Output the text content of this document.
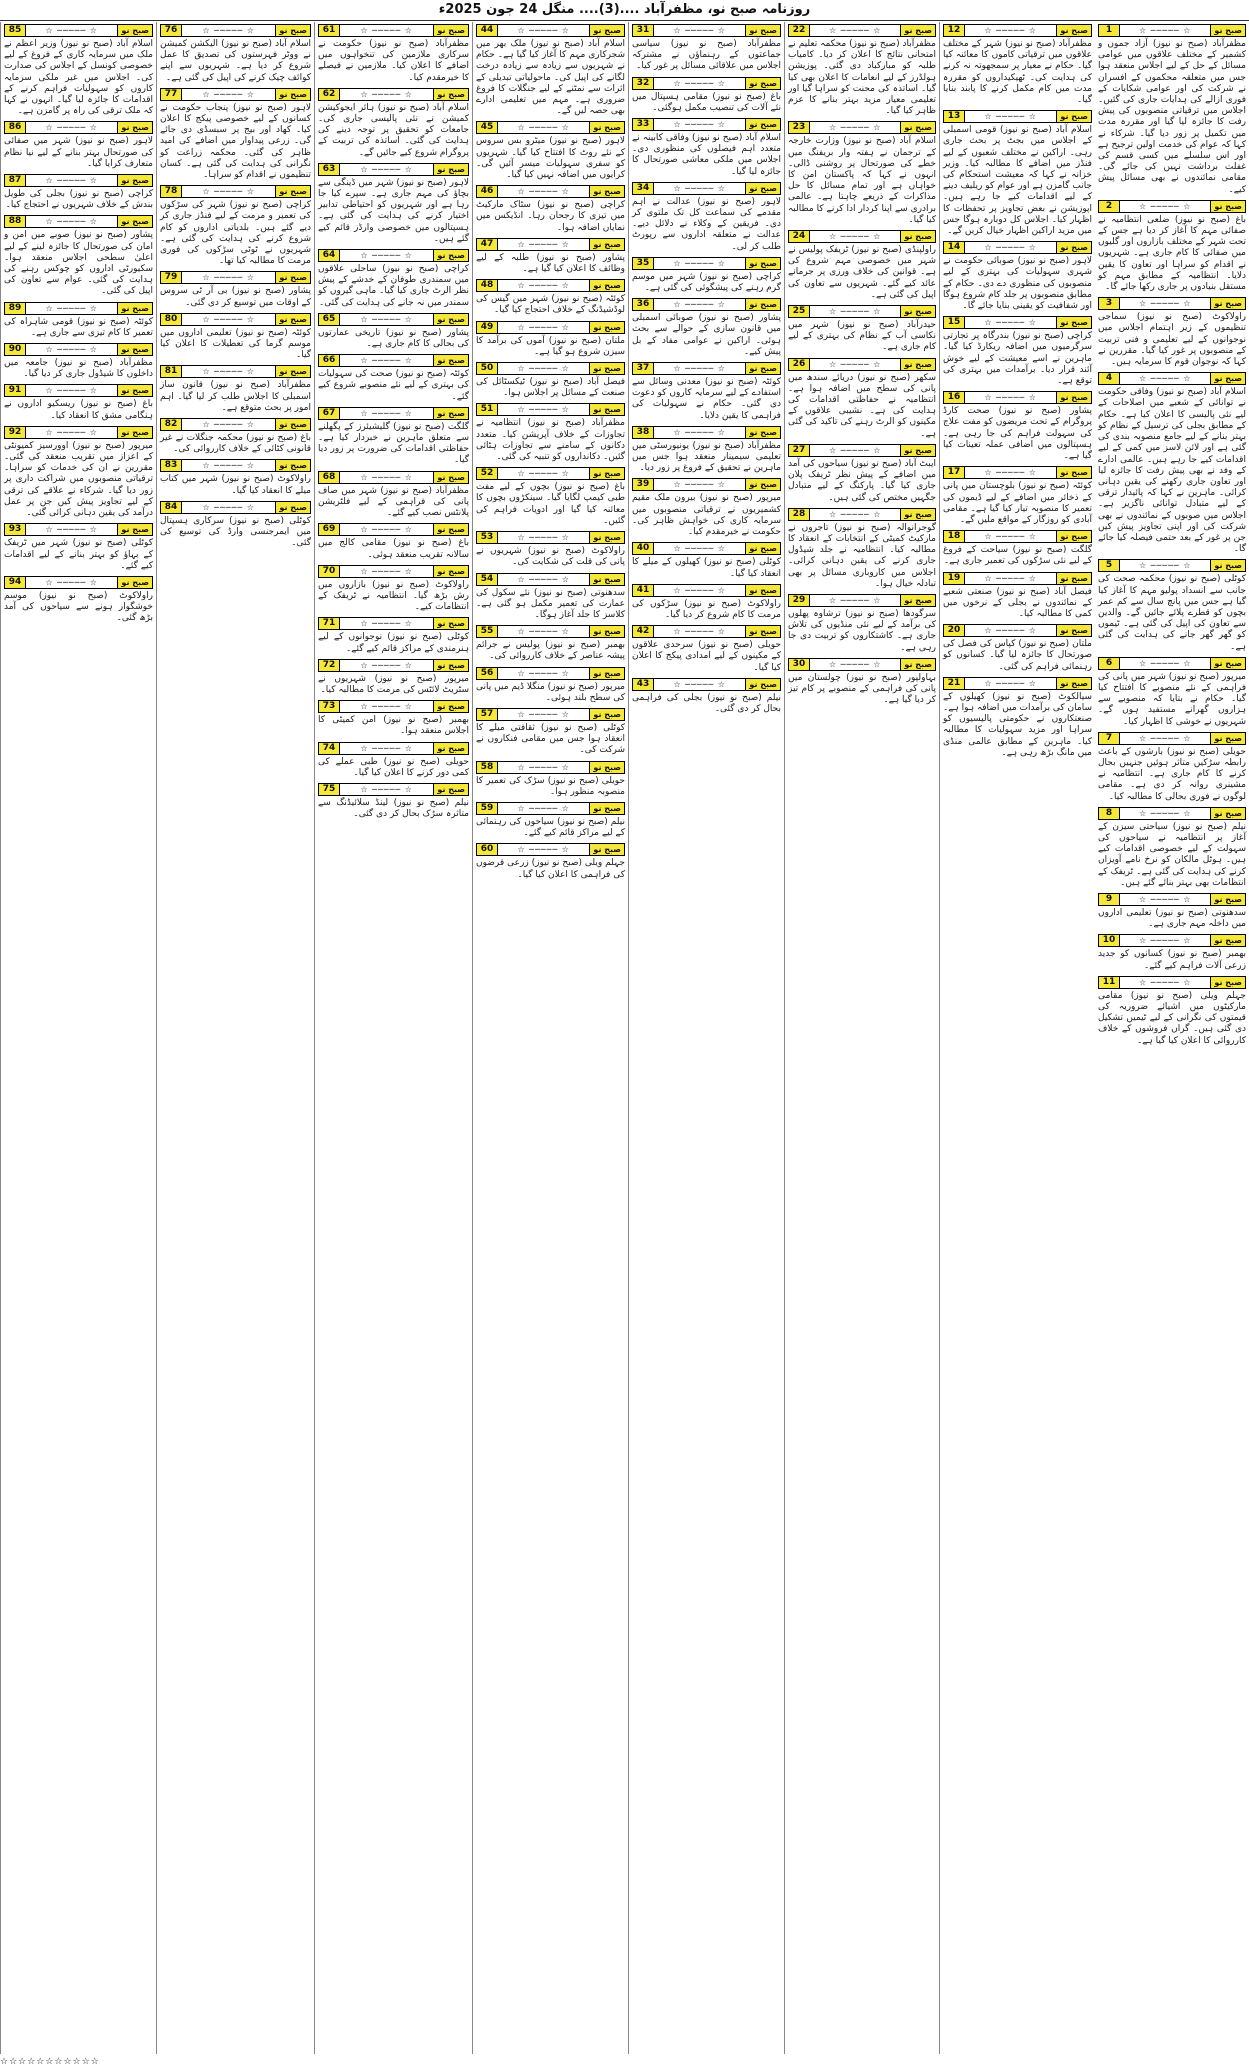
روزنامہ صبح نو، مظفرآباد ....(3).... منگل 24 جون 2025ء
1	☆ ───── ☆	صبح نو
مظفرآباد (صبح نو نیوز) آزاد جموں و کشمیر کے مختلف علاقوں میں عوامی مسائل کے حل کے لیے اجلاس منعقد ہوا جس میں متعلقہ محکموں کے افسران نے شرکت کی اور عوامی شکایات کے فوری ازالے کی ہدایات جاری کی گئیں۔ اجلاس میں ترقیاتی منصوبوں کی پیش رفت کا جائزہ لیا گیا اور مقررہ مدت میں تکمیل پر زور دیا گیا۔ شرکاء نے کہا کہ عوام کی خدمت اولین ترجیح ہے اور اس سلسلے میں کسی قسم کی غفلت برداشت نہیں کی جائے گی۔ مقامی نمائندوں نے بھی مسائل پیش کیے۔
2	☆ ───── ☆	صبح نو
باغ (صبح نو نیوز) ضلعی انتظامیہ نے صفائی مہم کا آغاز کر دیا ہے جس کے تحت شہر کے مختلف بازاروں اور گلیوں میں صفائی کا کام جاری ہے۔ شہریوں نے اقدام کو سراہا اور تعاون کا یقین دلایا۔ انتظامیہ کے مطابق مہم کو مستقل بنیادوں پر جاری رکھا جائے گا۔
3	☆ ───── ☆	صبح نو
راولاکوٹ (صبح نو نیوز) سماجی تنظیموں کے زیر اہتمام اجلاس میں نوجوانوں کے لیے تعلیمی و فنی تربیت کے منصوبوں پر غور کیا گیا۔ مقررین نے کہا کہ نوجوان قوم کا سرمایہ ہیں۔
4	☆ ───── ☆	صبح نو
اسلام آباد (صبح نو نیوز) وفاقی حکومت نے توانائی کے شعبے میں اصلاحات کے لیے نئی پالیسی کا اعلان کیا ہے۔ حکام کے مطابق بجلی کی ترسیل کے نظام کو بہتر بنانے کے لیے جامع منصوبہ بندی کی گئی ہے اور لائن لاسز میں کمی کے لیے اقدامات کیے جا رہے ہیں۔ عالمی ادارے کے وفد نے بھی پیش رفت کا جائزہ لیا اور تعاون جاری رکھنے کی یقین دہانی کرائی۔ ماہرین نے کہا کہ پائیدار ترقی کے لیے متبادل توانائی ناگزیر ہے۔ اجلاس میں صوبوں کے نمائندوں نے بھی شرکت کی اور اپنی تجاویز پیش کیں جن پر غور کے بعد حتمی فیصلہ کیا جائے گا۔
5	☆ ───── ☆	صبح نو
کوٹلی (صبح نو نیوز) محکمہ صحت کی جانب سے انسداد پولیو مہم کا آغاز کیا گیا ہے جس میں پانچ سال سے کم عمر بچوں کو قطرے پلائے جائیں گے۔ والدین سے تعاون کی اپیل کی گئی ہے۔ ٹیموں کو گھر گھر جانے کی ہدایت کی گئی ہے۔
6	☆ ───── ☆	صبح نو
میرپور (صبح نو نیوز) شہر میں پانی کی فراہمی کے نئے منصوبے کا افتتاح کیا گیا۔ حکام نے بتایا کہ منصوبے سے ہزاروں گھرانے مستفید ہوں گے۔ شہریوں نے خوشی کا اظہار کیا۔
7	☆ ───── ☆	صبح نو
حویلی (صبح نو نیوز) بارشوں کے باعث رابطہ سڑکیں متاثر ہوئیں جنہیں بحال کرنے کا کام جاری ہے۔ انتظامیہ نے مشینری روانہ کر دی ہے۔ مقامی لوگوں نے فوری بحالی کا مطالبہ کیا۔
8	☆ ───── ☆	صبح نو
نیلم (صبح نو نیوز) سیاحتی سیزن کے آغاز پر انتظامیہ نے سیاحوں کی سہولت کے لیے خصوصی اقدامات کیے ہیں۔ ہوٹل مالکان کو نرخ نامے آویزاں کرنے کی ہدایت کی گئی ہے۔ ٹریفک کے انتظامات بھی بہتر بنائے گئے ہیں۔
9	☆ ───── ☆	صبح نو
سدھنوتی (صبح نو نیوز) تعلیمی اداروں میں داخلہ مہم جاری ہے۔
10	☆ ───── ☆	صبح نو
بھمبر (صبح نو نیوز) کسانوں کو جدید زرعی آلات فراہم کیے گئے۔
11	☆ ───── ☆	صبح نو
جہلم ویلی (صبح نو نیوز) مقامی مارکیٹوں میں اشیائے ضروریہ کی قیمتوں کی نگرانی کے لیے ٹیمیں تشکیل دی گئی ہیں۔ گراں فروشوں کے خلاف کارروائی کا اعلان کیا گیا ہے۔
12	☆ ───── ☆	صبح نو
مظفرآباد (صبح نو نیوز) شہر کے مختلف علاقوں میں ترقیاتی کاموں کا معائنہ کیا گیا۔ حکام نے معیار پر سمجھوتہ نہ کرنے کی ہدایت کی۔ ٹھیکیداروں کو مقررہ مدت میں کام مکمل کرنے کا پابند بنایا گیا۔
13	☆ ───── ☆	صبح نو
اسلام آباد (صبح نو نیوز) قومی اسمبلی کے اجلاس میں بجٹ پر بحث جاری رہی۔ اراکین نے مختلف شعبوں کے لیے فنڈز میں اضافے کا مطالبہ کیا۔ وزیر خزانہ نے کہا کہ معیشت استحکام کی جانب گامزن ہے اور عوام کو ریلیف دینے کے لیے اقدامات کیے جا رہے ہیں۔ اپوزیشن نے بعض تجاویز پر تحفظات کا اظہار کیا۔ اجلاس کل دوبارہ ہوگا جس میں مزید اراکین اظہار خیال کریں گے۔
14	☆ ───── ☆	صبح نو
لاہور (صبح نو نیوز) صوبائی حکومت نے شہری سہولیات کی بہتری کے لیے منصوبوں کی منظوری دے دی۔ حکام کے مطابق منصوبوں پر جلد کام شروع ہوگا اور شفافیت کو یقینی بنایا جائے گا۔
15	☆ ───── ☆	صبح نو
کراچی (صبح نو نیوز) بندرگاہ پر تجارتی سرگرمیوں میں اضافہ ریکارڈ کیا گیا۔ ماہرین نے اسے معیشت کے لیے خوش آئند قرار دیا۔ برآمدات میں بہتری کی توقع ہے۔
16	☆ ───── ☆	صبح نو
پشاور (صبح نو نیوز) صحت کارڈ پروگرام کے تحت مریضوں کو مفت علاج کی سہولت فراہم کی جا رہی ہے۔ ہسپتالوں میں اضافی عملہ تعینات کیا گیا ہے۔
17	☆ ───── ☆	صبح نو
کوئٹہ (صبح نو نیوز) بلوچستان میں پانی کے ذخائر میں اضافے کے لیے ڈیموں کی تعمیر کا منصوبہ تیار کیا گیا ہے۔ مقامی آبادی کو روزگار کے مواقع ملیں گے۔
18	☆ ───── ☆	صبح نو
گلگت (صبح نو نیوز) سیاحت کے فروغ کے لیے نئی سڑکوں کی تعمیر جاری ہے۔
19	☆ ───── ☆	صبح نو
فیصل آباد (صبح نو نیوز) صنعتی شعبے کے نمائندوں نے بجلی کے نرخوں میں کمی کا مطالبہ کیا۔
20	☆ ───── ☆	صبح نو
ملتان (صبح نو نیوز) کپاس کی فصل کی صورتحال کا جائزہ لیا گیا۔ کسانوں کو رہنمائی فراہم کی گئی۔
21	☆ ───── ☆	صبح نو
سیالکوٹ (صبح نو نیوز) کھیلوں کے سامان کی برآمدات میں اضافہ ہوا ہے۔ صنعتکاروں نے حکومتی پالیسیوں کو سراہا اور مزید سہولیات کا مطالبہ کیا۔ ماہرین کے مطابق عالمی منڈی میں مانگ بڑھ رہی ہے۔
22	☆ ───── ☆	صبح نو
مظفرآباد (صبح نو نیوز) محکمہ تعلیم نے امتحانی نتائج کا اعلان کر دیا۔ کامیاب طلبہ کو مبارکباد دی گئی۔ پوزیشن ہولڈرز کے لیے انعامات کا اعلان بھی کیا گیا۔ اساتذہ کی محنت کو سراہا گیا اور تعلیمی معیار مزید بہتر بنانے کا عزم ظاہر کیا گیا۔
23	☆ ───── ☆	صبح نو
اسلام آباد (صبح نو نیوز) وزارت خارجہ کے ترجمان نے ہفتہ وار بریفنگ میں خطے کی صورتحال پر روشنی ڈالی۔ انہوں نے کہا کہ پاکستان امن کا خواہاں ہے اور تمام مسائل کا حل مذاکرات کے ذریعے چاہتا ہے۔ عالمی برادری سے اپنا کردار ادا کرنے کا مطالبہ کیا گیا۔
24	☆ ───── ☆	صبح نو
راولپنڈی (صبح نو نیوز) ٹریفک پولیس نے شہر میں خصوصی مہم شروع کی ہے۔ قوانین کی خلاف ورزی پر جرمانے عائد کیے گئے۔ شہریوں سے تعاون کی اپیل کی گئی ہے۔
25	☆ ───── ☆	صبح نو
حیدرآباد (صبح نو نیوز) شہر میں نکاسی آب کے نظام کی بہتری کے لیے کام جاری ہے۔
26	☆ ───── ☆	صبح نو
سکھر (صبح نو نیوز) دریائے سندھ میں پانی کی سطح میں اضافہ ہوا ہے۔ انتظامیہ نے حفاظتی اقدامات کی ہدایت کی ہے۔ نشیبی علاقوں کے مکینوں کو الرٹ رہنے کی تاکید کی گئی ہے۔
27	☆ ───── ☆	صبح نو
ایبٹ آباد (صبح نو نیوز) سیاحوں کی آمد میں اضافے کے پیش نظر ٹریفک پلان جاری کیا گیا۔ پارکنگ کے لیے متبادل جگہیں مختص کی گئی ہیں۔
28	☆ ───── ☆	صبح نو
گوجرانوالہ (صبح نو نیوز) تاجروں نے مارکیٹ کمیٹی کے انتخابات کے انعقاد کا مطالبہ کیا۔ انتظامیہ نے جلد شیڈول جاری کرنے کی یقین دہانی کرائی۔ اجلاس میں کاروباری مسائل پر بھی تبادلہ خیال ہوا۔
29	☆ ───── ☆	صبح نو
سرگودھا (صبح نو نیوز) ترشاوہ پھلوں کی برآمد کے لیے نئی منڈیوں کی تلاش جاری ہے۔ کاشتکاروں کو تربیت دی جا رہی ہے۔
30	☆ ───── ☆	صبح نو
بہاولپور (صبح نو نیوز) چولستان میں پانی کی فراہمی کے منصوبے پر کام تیز کر دیا گیا ہے۔
31	☆ ───── ☆	صبح نو
مظفرآباد (صبح نو نیوز) سیاسی جماعتوں کے رہنماؤں نے مشترکہ اجلاس میں علاقائی مسائل پر غور کیا۔
32	☆ ───── ☆	صبح نو
باغ (صبح نو نیوز) مقامی ہسپتال میں نئے آلات کی تنصیب مکمل ہوگئی۔
33	☆ ───── ☆	صبح نو
اسلام آباد (صبح نو نیوز) وفاقی کابینہ نے متعدد اہم فیصلوں کی منظوری دی۔ اجلاس میں ملکی معاشی صورتحال کا جائزہ لیا گیا۔
34	☆ ───── ☆	صبح نو
لاہور (صبح نو نیوز) عدالت نے اہم مقدمے کی سماعت کل تک ملتوی کر دی۔ فریقین کے وکلاء نے دلائل دیے۔ عدالت نے متعلقہ اداروں سے رپورٹ طلب کر لی۔
35	☆ ───── ☆	صبح نو
کراچی (صبح نو نیوز) شہر میں موسم گرم رہنے کی پیشگوئی کی گئی ہے۔
36	☆ ───── ☆	صبح نو
پشاور (صبح نو نیوز) صوبائی اسمبلی میں قانون سازی کے حوالے سے بحث ہوئی۔ اراکین نے عوامی مفاد کے بل پیش کیے۔
37	☆ ───── ☆	صبح نو
کوئٹہ (صبح نو نیوز) معدنی وسائل سے استفادے کے لیے سرمایہ کاروں کو دعوت دی گئی۔ حکام نے سہولیات کی فراہمی کا یقین دلایا۔
38	☆ ───── ☆	صبح نو
مظفرآباد (صبح نو نیوز) یونیورسٹی میں تعلیمی سیمینار منعقد ہوا جس میں ماہرین نے تحقیق کے فروغ پر زور دیا۔
39	☆ ───── ☆	صبح نو
میرپور (صبح نو نیوز) بیرون ملک مقیم کشمیریوں نے ترقیاتی منصوبوں میں سرمایہ کاری کی خواہش ظاہر کی۔ حکومت نے خیرمقدم کیا۔
40	☆ ───── ☆	صبح نو
کوٹلی (صبح نو نیوز) کھیلوں کے میلے کا انعقاد کیا گیا۔
41	☆ ───── ☆	صبح نو
راولاکوٹ (صبح نو نیوز) سڑکوں کی مرمت کا کام شروع کر دیا گیا۔
42	☆ ───── ☆	صبح نو
حویلی (صبح نو نیوز) سرحدی علاقوں کے مکینوں کے لیے امدادی پیکج کا اعلان کیا گیا۔
43	☆ ───── ☆	صبح نو
نیلم (صبح نو نیوز) بجلی کی فراہمی بحال کر دی گئی۔
44	☆ ───── ☆	صبح نو
اسلام آباد (صبح نو نیوز) ملک بھر میں شجرکاری مہم کا آغاز کیا گیا ہے۔ حکام نے شہریوں سے زیادہ سے زیادہ درخت لگانے کی اپیل کی۔ ماحولیاتی تبدیلی کے اثرات سے نمٹنے کے لیے جنگلات کا فروغ ضروری ہے۔ مہم میں تعلیمی ادارے بھی حصہ لیں گے۔
45	☆ ───── ☆	صبح نو
لاہور (صبح نو نیوز) میٹرو بس سروس کے نئے روٹ کا افتتاح کیا گیا۔ شہریوں کو سفری سہولیات میسر آئیں گی۔ کرایوں میں اضافہ نہیں کیا گیا۔
46	☆ ───── ☆	صبح نو
کراچی (صبح نو نیوز) سٹاک مارکیٹ میں تیزی کا رجحان رہا۔ انڈیکس میں نمایاں اضافہ ہوا۔
47	☆ ───── ☆	صبح نو
پشاور (صبح نو نیوز) طلبہ کے لیے وظائف کا اعلان کیا گیا ہے۔
48	☆ ───── ☆	صبح نو
کوئٹہ (صبح نو نیوز) شہر میں گیس کی لوڈشیڈنگ کے خلاف احتجاج کیا گیا۔
49	☆ ───── ☆	صبح نو
ملتان (صبح نو نیوز) آموں کی برآمد کا سیزن شروع ہو گیا ہے۔
50	☆ ───── ☆	صبح نو
فیصل آباد (صبح نو نیوز) ٹیکسٹائل کی صنعت کے مسائل پر اجلاس ہوا۔
51	☆ ───── ☆	صبح نو
مظفرآباد (صبح نو نیوز) انتظامیہ نے تجاوزات کے خلاف آپریشن کیا۔ متعدد دکانوں کے سامنے سے تجاوزات ہٹائی گئیں۔ دکانداروں کو تنبیہ کی گئی۔
52	☆ ───── ☆	صبح نو
باغ (صبح نو نیوز) بچوں کے لیے مفت طبی کیمپ لگایا گیا۔ سینکڑوں بچوں کا معائنہ کیا گیا اور ادویات فراہم کی گئیں۔
53	☆ ───── ☆	صبح نو
راولاکوٹ (صبح نو نیوز) شہریوں نے پانی کی قلت کی شکایت کی۔
54	☆ ───── ☆	صبح نو
سدھنوتی (صبح نو نیوز) نئے سکول کی عمارت کی تعمیر مکمل ہو گئی ہے۔ کلاسز کا جلد آغاز ہوگا۔
55	☆ ───── ☆	صبح نو
بھمبر (صبح نو نیوز) پولیس نے جرائم پیشہ عناصر کے خلاف کارروائی کی۔
56	☆ ───── ☆	صبح نو
میرپور (صبح نو نیوز) منگلا ڈیم میں پانی کی سطح بلند ہوئی۔
57	☆ ───── ☆	صبح نو
کوٹلی (صبح نو نیوز) ثقافتی میلے کا انعقاد ہوا جس میں مقامی فنکاروں نے شرکت کی۔
58	☆ ───── ☆	صبح نو
حویلی (صبح نو نیوز) سڑک کی تعمیر کا منصوبہ منظور ہوا۔
59	☆ ───── ☆	صبح نو
نیلم (صبح نو نیوز) سیاحوں کی رہنمائی کے لیے مراکز قائم کیے گئے۔
60	☆ ───── ☆	صبح نو
جہلم ویلی (صبح نو نیوز) زرعی قرضوں کی فراہمی کا اعلان کیا گیا۔
61	☆ ───── ☆	صبح نو
مظفرآباد (صبح نو نیوز) حکومت نے سرکاری ملازمین کی تنخواہوں میں اضافے کا اعلان کیا۔ ملازمین نے فیصلے کا خیرمقدم کیا۔
62	☆ ───── ☆	صبح نو
اسلام آباد (صبح نو نیوز) ہائر ایجوکیشن کمیشن نے نئی پالیسی جاری کی۔ جامعات کو تحقیق پر توجہ دینے کی ہدایت کی گئی۔ اساتذہ کی تربیت کے پروگرام شروع کیے جائیں گے۔
63	☆ ───── ☆	صبح نو
لاہور (صبح نو نیوز) شہر میں ڈینگی سے بچاؤ کی مہم جاری ہے۔ سپرے کیا جا رہا ہے اور شہریوں کو احتیاطی تدابیر اختیار کرنے کی ہدایت کی گئی ہے۔ ہسپتالوں میں خصوصی وارڈز قائم کیے گئے ہیں۔
64	☆ ───── ☆	صبح نو
کراچی (صبح نو نیوز) ساحلی علاقوں میں سمندری طوفان کے خدشے کے پیش نظر الرٹ جاری کیا گیا۔ ماہی گیروں کو سمندر میں نہ جانے کی ہدایت کی گئی۔
65	☆ ───── ☆	صبح نو
پشاور (صبح نو نیوز) تاریخی عمارتوں کی بحالی کا کام جاری ہے۔
66	☆ ───── ☆	صبح نو
کوئٹہ (صبح نو نیوز) صحت کی سہولیات کی بہتری کے لیے نئے منصوبے شروع کیے گئے۔
67	☆ ───── ☆	صبح نو
گلگت (صبح نو نیوز) گلیشیئرز کے پگھلنے سے متعلق ماہرین نے خبردار کیا ہے۔ حفاظتی اقدامات کی ضرورت پر زور دیا گیا۔
68	☆ ───── ☆	صبح نو
مظفرآباد (صبح نو نیوز) شہر میں صاف پانی کی فراہمی کے لیے فلٹریشن پلانٹس نصب کیے گئے۔
69	☆ ───── ☆	صبح نو
باغ (صبح نو نیوز) مقامی کالج میں سالانہ تقریب منعقد ہوئی۔
70	☆ ───── ☆	صبح نو
راولاکوٹ (صبح نو نیوز) بازاروں میں رش بڑھ گیا۔ انتظامیہ نے ٹریفک کے انتظامات کیے۔
71	☆ ───── ☆	صبح نو
کوٹلی (صبح نو نیوز) نوجوانوں کے لیے ہنرمندی کے مراکز قائم کیے گئے۔
72	☆ ───── ☆	صبح نو
میرپور (صبح نو نیوز) شہریوں نے سٹریٹ لائٹس کی مرمت کا مطالبہ کیا۔
73	☆ ───── ☆	صبح نو
بھمبر (صبح نو نیوز) امن کمیٹی کا اجلاس منعقد ہوا۔
74	☆ ───── ☆	صبح نو
حویلی (صبح نو نیوز) طبی عملے کی کمی دور کرنے کا اعلان کیا گیا۔
75	☆ ───── ☆	صبح نو
نیلم (صبح نو نیوز) لینڈ سلائیڈنگ سے متاثرہ سڑک بحال کر دی گئی۔
76	☆ ───── ☆	صبح نو
اسلام آباد (صبح نو نیوز) الیکشن کمیشن نے ووٹر فہرستوں کی تصدیق کا عمل شروع کر دیا ہے۔ شہریوں سے اپنے کوائف چیک کرنے کی اپیل کی گئی ہے۔
77	☆ ───── ☆	صبح نو
لاہور (صبح نو نیوز) پنجاب حکومت نے کسانوں کے لیے خصوصی پیکج کا اعلان کیا۔ کھاد اور بیج پر سبسڈی دی جائے گی۔ زرعی پیداوار میں اضافے کی امید ظاہر کی گئی۔ محکمہ زراعت کو نگرانی کی ہدایت کی گئی ہے۔ کسان تنظیموں نے اقدام کو سراہا۔
78	☆ ───── ☆	صبح نو
کراچی (صبح نو نیوز) شہر کی سڑکوں کی تعمیر و مرمت کے لیے فنڈز جاری کر دیے گئے ہیں۔ بلدیاتی اداروں کو کام شروع کرنے کی ہدایت کی گئی ہے۔ شہریوں نے ٹوٹی سڑکوں کی فوری مرمت کا مطالبہ کیا تھا۔
79	☆ ───── ☆	صبح نو
پشاور (صبح نو نیوز) بی آر ٹی سروس کے اوقات میں توسیع کر دی گئی۔
80	☆ ───── ☆	صبح نو
کوئٹہ (صبح نو نیوز) تعلیمی اداروں میں موسم گرما کی تعطیلات کا اعلان کیا گیا۔
81	☆ ───── ☆	صبح نو
مظفرآباد (صبح نو نیوز) قانون ساز اسمبلی کا اجلاس طلب کر لیا گیا۔ اہم امور پر بحث متوقع ہے۔
82	☆ ───── ☆	صبح نو
باغ (صبح نو نیوز) محکمہ جنگلات نے غیر قانونی کٹائی کے خلاف کارروائی کی۔
83	☆ ───── ☆	صبح نو
راولاکوٹ (صبح نو نیوز) شہر میں کتاب میلے کا انعقاد کیا گیا۔
84	☆ ───── ☆	صبح نو
کوٹلی (صبح نو نیوز) سرکاری ہسپتال میں ایمرجنسی وارڈ کی توسیع کی گئی۔
85	☆ ───── ☆	صبح نو
اسلام آباد (صبح نو نیوز) وزیر اعظم نے ملک میں سرمایہ کاری کے فروغ کے لیے خصوصی کونسل کے اجلاس کی صدارت کی۔ اجلاس میں غیر ملکی سرمایہ کاروں کو سہولیات فراہم کرنے کے اقدامات کا جائزہ لیا گیا۔ انہوں نے کہا کہ ملک ترقی کی راہ پر گامزن ہے۔
86	☆ ───── ☆	صبح نو
لاہور (صبح نو نیوز) شہر میں صفائی کی صورتحال بہتر بنانے کے لیے نیا نظام متعارف کرایا گیا۔
87	☆ ───── ☆	صبح نو
کراچی (صبح نو نیوز) بجلی کی طویل بندش کے خلاف شہریوں نے احتجاج کیا۔
88	☆ ───── ☆	صبح نو
پشاور (صبح نو نیوز) صوبے میں امن و امان کی صورتحال کا جائزہ لینے کے لیے اعلیٰ سطحی اجلاس منعقد ہوا۔ سکیورٹی اداروں کو چوکس رہنے کی ہدایت کی گئی۔ عوام سے تعاون کی اپیل کی گئی۔
89	☆ ───── ☆	صبح نو
کوئٹہ (صبح نو نیوز) قومی شاہراہ کی تعمیر کا کام تیزی سے جاری ہے۔
90	☆ ───── ☆	صبح نو
مظفرآباد (صبح نو نیوز) جامعہ میں داخلوں کا شیڈول جاری کر دیا گیا۔
91	☆ ───── ☆	صبح نو
باغ (صبح نو نیوز) ریسکیو اداروں نے ہنگامی مشق کا انعقاد کیا۔
92	☆ ───── ☆	صبح نو
میرپور (صبح نو نیوز) اوورسیز کمیونٹی کے اعزاز میں تقریب منعقد کی گئی۔ مقررین نے ان کی خدمات کو سراہا۔ ترقیاتی منصوبوں میں شراکت داری پر زور دیا گیا۔ شرکاء نے علاقے کی ترقی کے لیے تجاویز پیش کیں جن پر عمل درآمد کی یقین دہانی کرائی گئی۔
93	☆ ───── ☆	صبح نو
کوٹلی (صبح نو نیوز) شہر میں ٹریفک کے بہاؤ کو بہتر بنانے کے لیے اقدامات کیے گئے۔
94	☆ ───── ☆	صبح نو
راولاکوٹ (صبح نو نیوز) موسم خوشگوار ہونے سے سیاحوں کی آمد بڑھ گئی۔
☆☆☆☆☆☆☆☆☆☆☆
